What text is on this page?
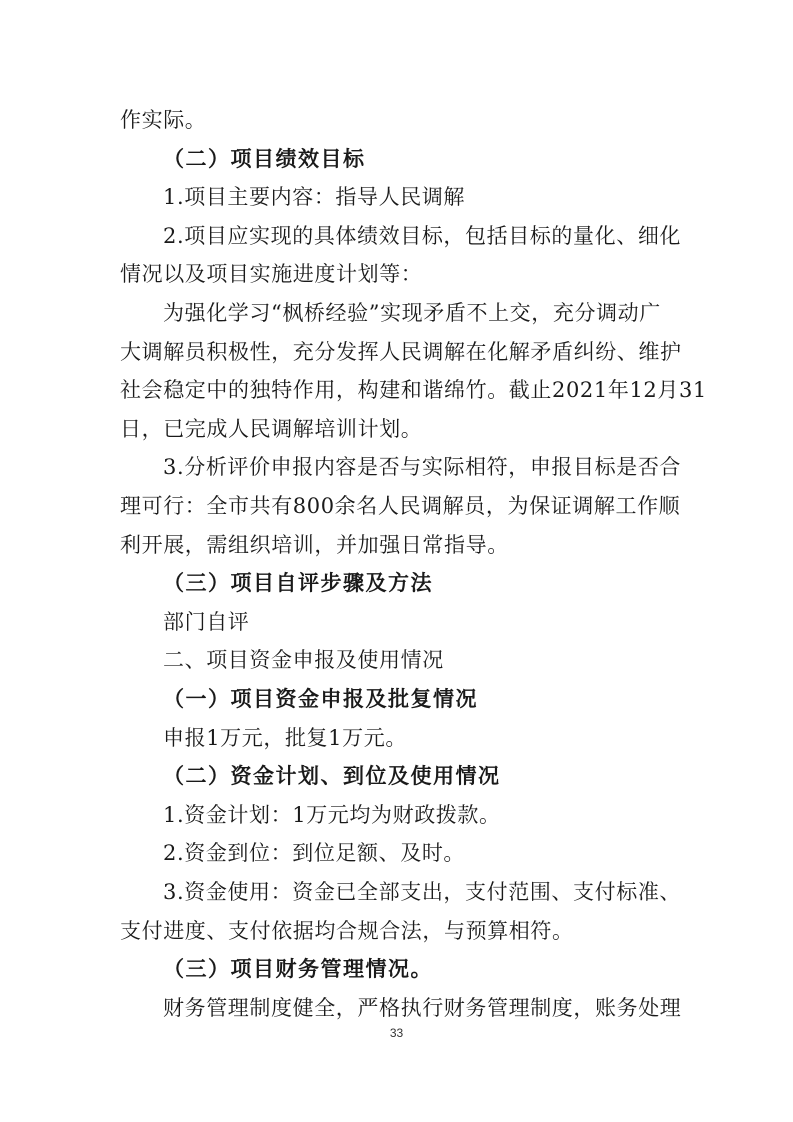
作实际。
（二）项目绩效目标
1.项目主要内容：指导人民调解
2.项目应实现的具体绩效目标，包括目标的量化、细化
情况以及项目实施进度计划等：
为强化学习“枫桥经验”实现矛盾不上交，充分调动广
大调解员积极性，充分发挥人民调解在化解矛盾纠纷、维护
社会稳定中的独特作用，构建和谐绵竹。截止2021年12月31
日，已完成人民调解培训计划。
3.分析评价申报内容是否与实际相符，申报目标是否合
理可行：全市共有800余名人民调解员，为保证调解工作顺
利开展，需组织培训，并加强日常指导。
（三）项目自评步骤及方法
部门自评
二、项目资金申报及使用情况
（一）项目资金申报及批复情况
申报1万元，批复1万元。
（二）资金计划、到位及使用情况
1.资金计划：1万元均为财政拨款。
2.资金到位：到位足额、及时。
3.资金使用：资金已全部支出，支付范围、支付标准、
支付进度、支付依据均合规合法，与预算相符。
（三）项目财务管理情况。
财务管理制度健全，严格执行财务管理制度，账务处理
33
